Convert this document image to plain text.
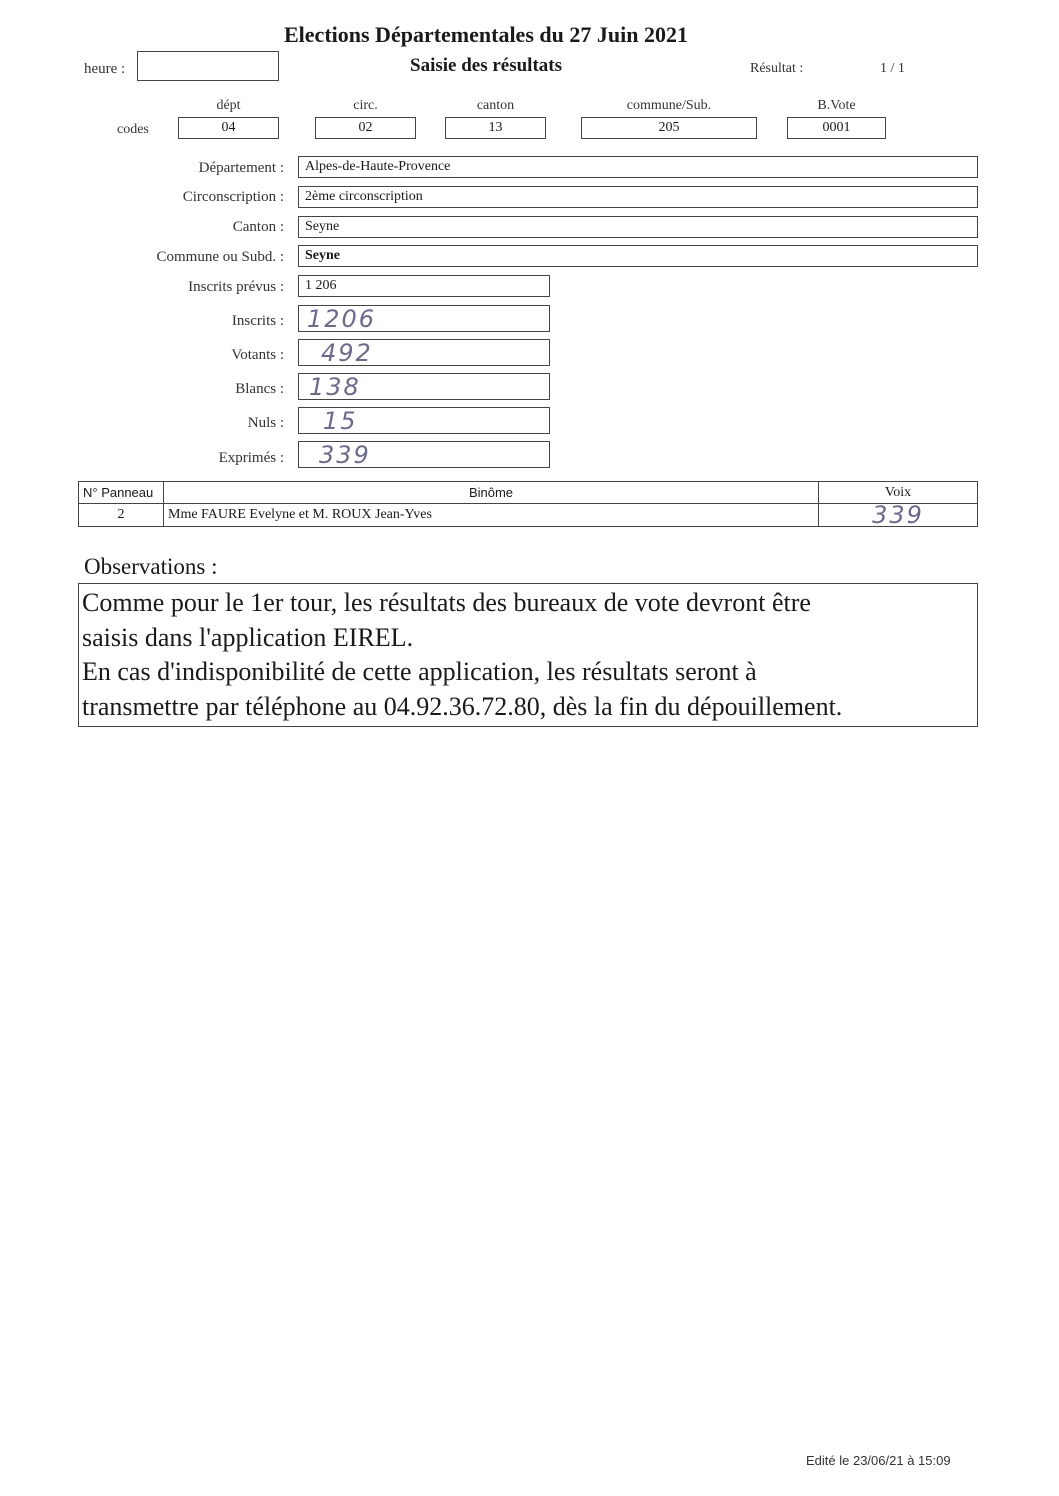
Elections Départementales du 27 Juin 2021
heure :	Saisie des résultats	Résultat :	1 / 1
codes
dépt
04
circ.
02
canton
13
commune/Sub.
205
B.Vote
0001
Département :	Alpes-de-Haute-Provence
Circonscription :	2ème circonscription
Canton :	Seyne
Commune ou Subd. :	Seyne
Inscrits prévus :	1 206
Inscrits : 1206
Votants :	492
Blancs :	138
Nuls :	15
Exprimés :	339
N° Panneau	Binôme	Voix
2	Mme FAURE Evelyne et M. ROUX Jean-Yves	339
Observations :
Comme pour le 1er tour, les résultats des bureaux de vote devront être
saisis dans l'application EIREL.
En cas d'indisponibilité de cette application, les résultats seront à
transmettre par téléphone au 04.92.36.72.80, dès la fin du dépouillement.
Edité le 23/06/21 à 15:09
